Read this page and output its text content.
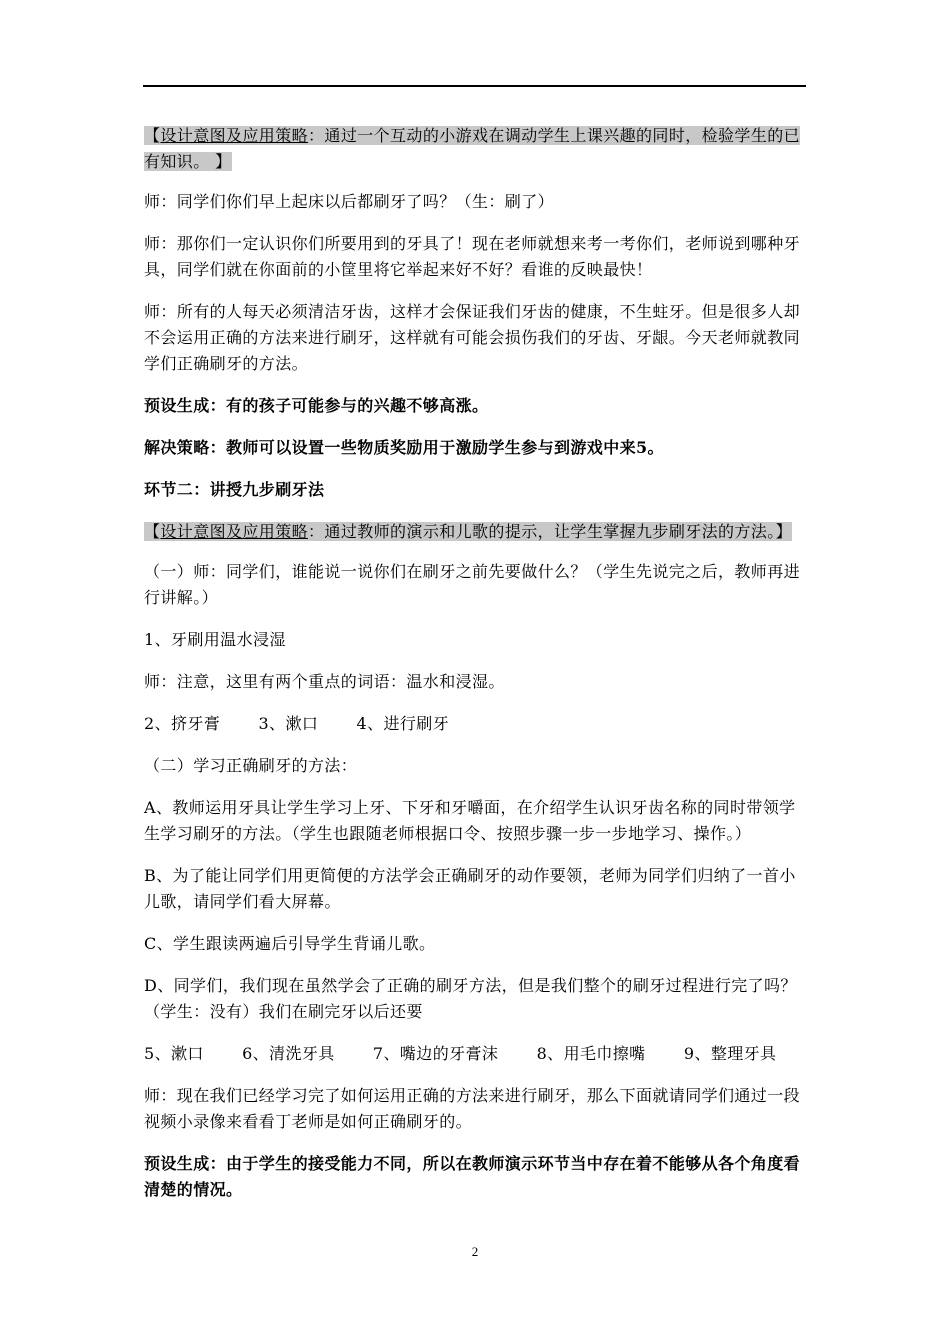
【设计意图及应用策略：通过一个互动的小游戏在调动学生上课兴趣的同时，检验学生的已有知识。 】

师：同学们你们早上起床以后都刷牙了吗？（生：刷了）

师：那你们一定认识你们所要用到的牙具了！现在老师就想来考一考你们，老师说到哪种牙具，同学们就在你面前的小筐里将它举起来好不好？看谁的反映最快！

师：所有的人每天必须清洁牙齿，这样才会保证我们牙齿的健康，不生蛀牙。但是很多人却不会运用正确的方法来进行刷牙，这样就有可能会损伤我们的牙齿、牙龈。今天老师就教同学们正确刷牙的方法。

预设生成：有的孩子可能参与的兴趣不够高涨。

解决策略：教师可以设置一些物质奖励用于激励学生参与到游戏中来5。

环节二：讲授九步刷牙法

【设计意图及应用策略：通过教师的演示和儿歌的提示，让学生掌握九步刷牙法的方法。】

（一）师：同学们，谁能说一说你们在刷牙之前先要做什么？（学生先说完之后，教师再进行讲解。）

1、牙刷用温水浸湿

师：注意，这里有两个重点的词语：温水和浸湿。

2、挤牙膏　　 3、漱口　　 4、进行刷牙

（二）学习正确刷牙的方法：

A、教师运用牙具让学生学习上牙、下牙和牙嚼面，在介绍学生认识牙齿名称的同时带领学生学习刷牙的方法。（学生也跟随老师根据口令、按照步骤一步一步地学习、操作。）

B、为了能让同学们用更简便的方法学会正确刷牙的动作要领，老师为同学们归纳了一首小儿歌，请同学们看大屏幕。

C、学生跟读两遍后引导学生背诵儿歌。

D、同学们，我们现在虽然学会了正确的刷牙方法，但是我们整个的刷牙过程进行完了吗？（学生：没有）我们在刷完牙以后还要

5、漱口　　 6、清洗牙具　　 7、嘴边的牙膏沫　　 8、用毛巾擦嘴　　 9、整理牙具

师：现在我们已经学习完了如何运用正确的方法来进行刷牙，那么下面就请同学们通过一段视频小录像来看看丁老师是如何正确刷牙的。

预设生成：由于学生的接受能力不同，所以在教师演示环节当中存在着不能够从各个角度看清楚的情况。

2
